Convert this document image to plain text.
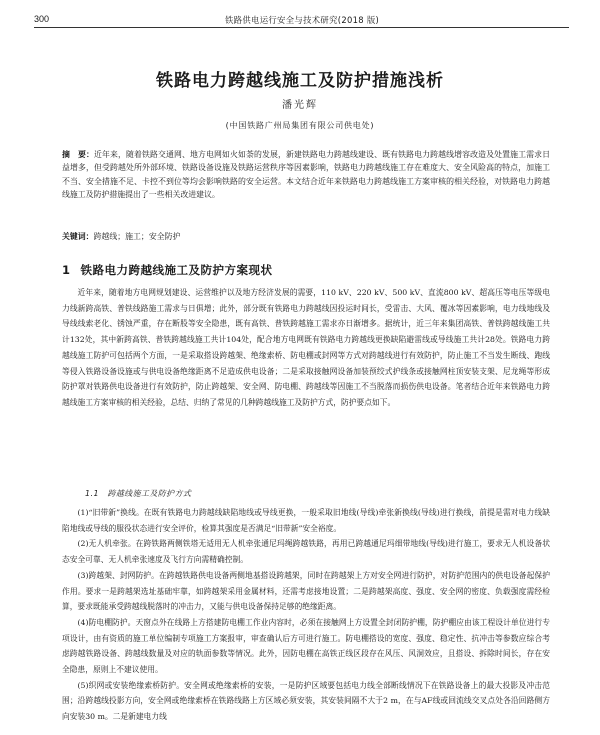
300	铁路供电运行安全与技术研究(2018 版)
铁路电力跨越线施工及防护措施浅析
潘光辉
(中国铁路广州局集团有限公司供电处)
摘　要：近年来，随着铁路交通网、地方电网如火如荼的发展，新建铁路电力跨越线建设、既有铁路电力跨越线增容改造及处置施工需求日益增多，但受跨越处所外部环境、铁路设备设施及铁路运营秩序等因素影响，铁路电力跨越线施工存在难度大、安全风险高的特点，加施工不当、安全措施不足、卡控不到位等均会影响铁路的安全运营。本文结合近年来铁路电力跨越线施工方案审核的相关经验，对铁路电力跨越线施工及防护措施提出了一些相关改进建议。
关键词：跨越线；施工；安全防护
1 铁路电力跨越线施工及防护方案现状

近年来，随着地方电网规划建设、运营维护以及地方经济发展的需要，110 kV、220 kV、500 kV、直流800 kV、超高压等电压等级电力线新跨高铁、普铁线路施工需求与日俱增；此外，部分既有铁路电力跨越线因投运时间长，受雷击、大风、覆冰等因素影响，电力线地线及导线线索老化、锈蚀严重，存在断股等安全隐患，既有高铁、普铁跨越施工需求亦日渐增多。据统计，近三年来集团高铁、普铁跨越线施工共计132处，其中新跨高铁、普铁跨越线施工共计104处，配合地方电网既有铁路电力跨越线更换缺陷避雷线或导线施工共计28处。铁路电力跨越线施工防护可包括两个方面，一是采取搭设跨越架、绝缘索桥、防电棚或封网等方式对跨越线进行有效防护，防止施工不当发生断线、跑线等侵入铁路设备设施或与供电设备绝缘距离不足造成供电设备；二是采取接触网设备加装预绞式护线条或接触网柱顶安装支架、尼龙绳等形成防护罩对铁路供电设备进行有效防护，防止跨越架、安全网、防电棚、跨越线等因施工不当脱落而损伤供电设备。笔者结合近年来铁路电力跨越线施工方案审核的相关经验，总结、归纳了常见的几种跨越线施工及防护方式，防护要点如下。

1.1　跨越线施工及防护方式

(1)“旧带新”换线。在既有铁路电力跨越线缺陷地线或导线更换，一般采取旧地线(导线)牵张新换线(导线)进行换线，前提是需对电力线缺陷地线或导线的服役状态进行安全评价，检算其强度是否满足“旧带新”安全裕度。

(2)无人机牵张。在跨铁路两侧铁塔无适用无人机牵张通尼玛绳跨越铁路，再用已跨越通尼玛细带地线(导线)进行施工，要求无人机设备状态安全可靠、无人机牵张速度及飞行方向需精确控制。

(3)跨越架、封网防护。在跨越铁路供电设备两侧地基搭设跨越架，同时在跨越架上方对安全网进行防护，对防护范围内的供电设备起保护作用。要求一是跨越架选址基础牢靠，如跨越架采用金属材料，还需考虑接地设置；二是跨越架高度、强度、安全网的密度、负载强度需经检算，要求既能承受跨越线脱落时的冲击力，又能与供电设备保持足够的绝缘距离。

(4)防电棚防护。天窗点外在线路上方搭建防电棚工作业内容时，必须在接触网上方设置全封闭防护棚，防护棚应由该工程设计单位进行专项设计，由有资质的施工单位编制专项施工方案报审，审查确认后方可进行施工。防电棚搭设的宽度、强度、稳定性、抗冲击等参数应综合考虑跨越铁路设备、跨越线数量及对应的轨面参数等情况。此外，因防电棚在高铁正线区段存在风压、风洞效应，且搭设、拆除时间长，存在安全隐患，原则上不建议使用。

(5)织网或安装绝缘索桥防护。安全网或绝缘索桥的安装，一是防护区域要包括电力线全部断线情况下在铁路设备上的最大投影及冲击范围；沿跨越线投影方向，安全网或绝缘索桥在铁路线路上方区域必须安装，其安装间隔不大于2 m，在与AF线或回流线交叉点处各沿回路侧方向安装30 m。二是新建电力线
